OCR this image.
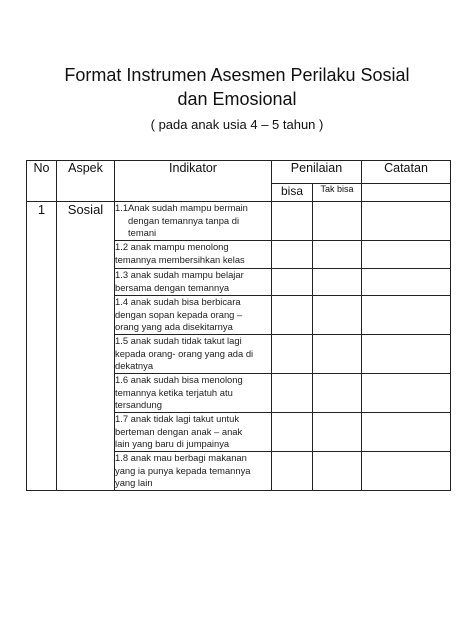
Format Instrumen Asesmen Perilaku Sosial
dan Emosional
( pada anak usia 4 – 5 tahun )
No	Aspek	Indikator	Penilaian		Catatan
			bisa	Tak bisa	
1	Sosial	1.1Anak sudah mampu bermain
dengan temannya tanpa di
temani			

		1.2 anak mampu menolong
temannya membersihkan kelas			

		1.3 anak sudah mampu belajar
bersama dengan temannya			

		1.4 anak sudah bisa berbicara
dengan sopan kepada orang –
orang yang ada disekitarnya			

		1.5 anak sudah tidak takut lagi
kepada orang- orang yang ada di
dekatnya			

		1.6 anak sudah bisa menolong
temannya ketika terjatuh atu
tersandung			

		1.7 anak tidak lagi takut untuk
berteman dengan anak – anak
lain yang baru di jumpainya			

		1.8 anak mau berbagi makanan
yang ia punya kepada temannya
yang lain			
